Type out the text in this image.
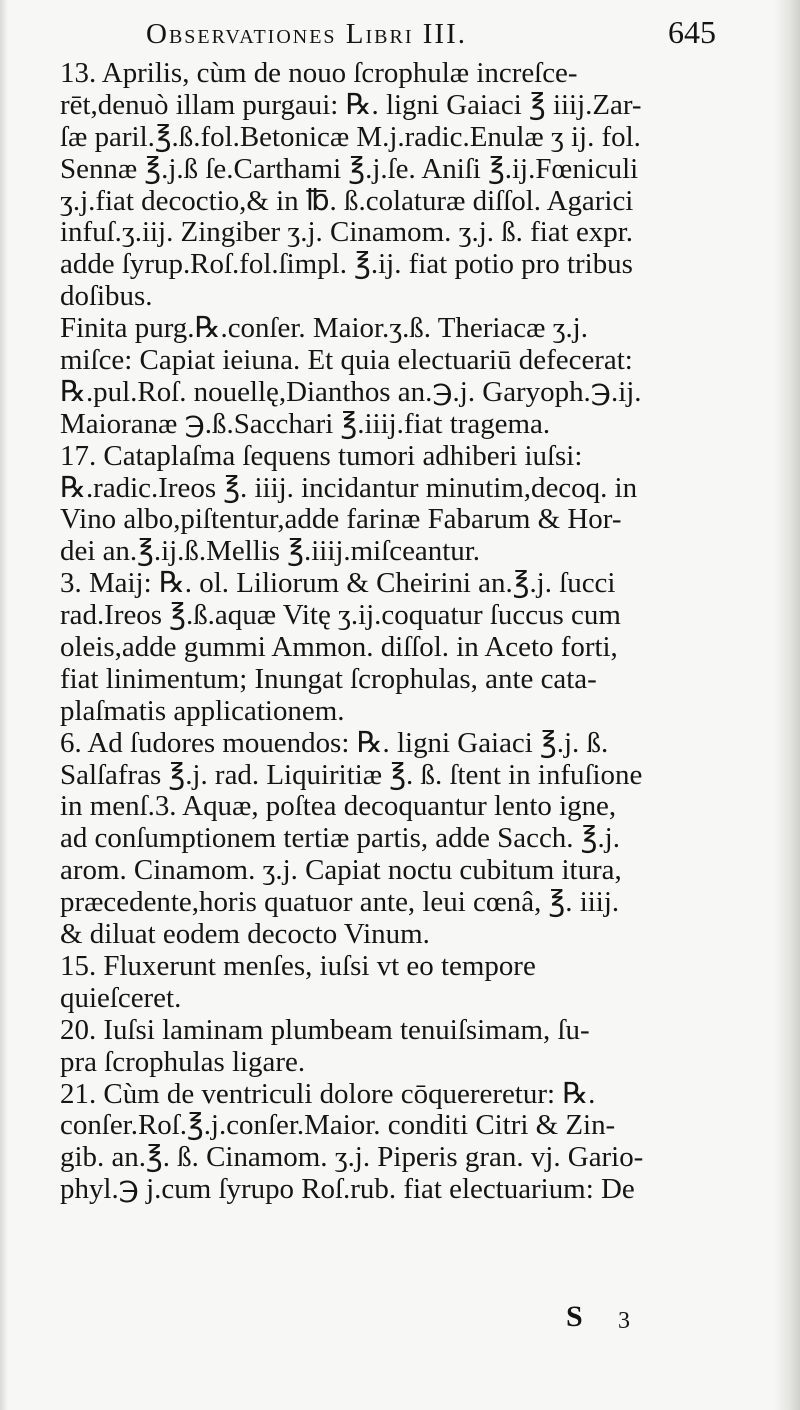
Observationes Libri III.	645
13. Aprilis, cùm de nouo ſcrophulæ increſce-
rēt,denuò illam purgaui: ℞. ligni Gaiaci ℥ iiij.Zar-
ſæ paril.℥.ß.fol.Betonicæ M.j.radic.Enulæ ʒ ij. fol.
Sennæ ℥.j.ß ſe.Carthami ℥.j.ſe. Aniſi ℥.ij.Fœniculi
ʒ.j.fiat decoctio,& in ℔. ß.colaturæ diſſol. Agarici
infuſ.ʒ.iij. Zingiber ʒ.j. Cinamom. ʒ.j. ß. fiat expr.
adde ſyrup.Roſ.fol.ſimpl. ℥.ij. fiat potio pro tribus
doſibus.
Finita purg.℞.conſer. Maior.ʒ.ß. Theriacæ ʒ.j.
miſce: Capiat ieiuna. Et quia electuariū defecerat:
℞.pul.Roſ. nouellę,Dianthos an.℈.j. Garyoph.℈.ij.
Maioranæ ℈.ß.Sacchari ℥.iiij.fiat tragema.
17. Cataplaſma ſequens tumori adhiberi iuſsi:
℞.radic.Ireos ℥. iiij. incidantur minutim,decoq. in
Vino albo,piſtentur,adde farinæ Fabarum & Hor-
dei an.℥.ij.ß.Mellis ℥.iiij.miſceantur.
3. Maij: ℞. ol. Liliorum & Cheirini an.℥.j. ſucci
rad.Ireos ℥.ß.aquæ Vitę ʒ.ij.coquatur ſuccus cum
oleis,adde gummi Ammon. diſſol. in Aceto forti,
fiat linimentum; Inungat ſcrophulas, ante cata-
plaſmatis applicationem.
6. Ad ſudores mouendos: ℞. ligni Gaiaci ℥.j. ß.
Salſafras ℥.j. rad. Liquiritiæ ℥. ß. ſtent in infuſione
in menſ.3. Aquæ, poſtea decoquantur lento igne,
ad conſumptionem tertiæ partis, adde Sacch. ℥.j.
arom. Cinamom. ʒ.j. Capiat noctu cubitum itura,
præcedente,horis quatuor ante, leui cœnâ, ℥. iiij.
& diluat eodem decocto Vinum.
15. Fluxerunt menſes, iuſsi vt eo tempore
quieſceret.
20. Iuſsi laminam plumbeam tenuiſsimam, ſu-
pra ſcrophulas ligare.
21. Cùm de ventriculi dolore cōquereretur: ℞.
conſer.Roſ.℥.j.conſer.Maior. conditi Citri & Zin-
gib. an.℥. ß. Cinamom. ʒ.j. Piperis gran. vj. Gario-
phyl.℈ j.cum ſyrupo Roſ.rub. fiat electuarium: De
S 3
